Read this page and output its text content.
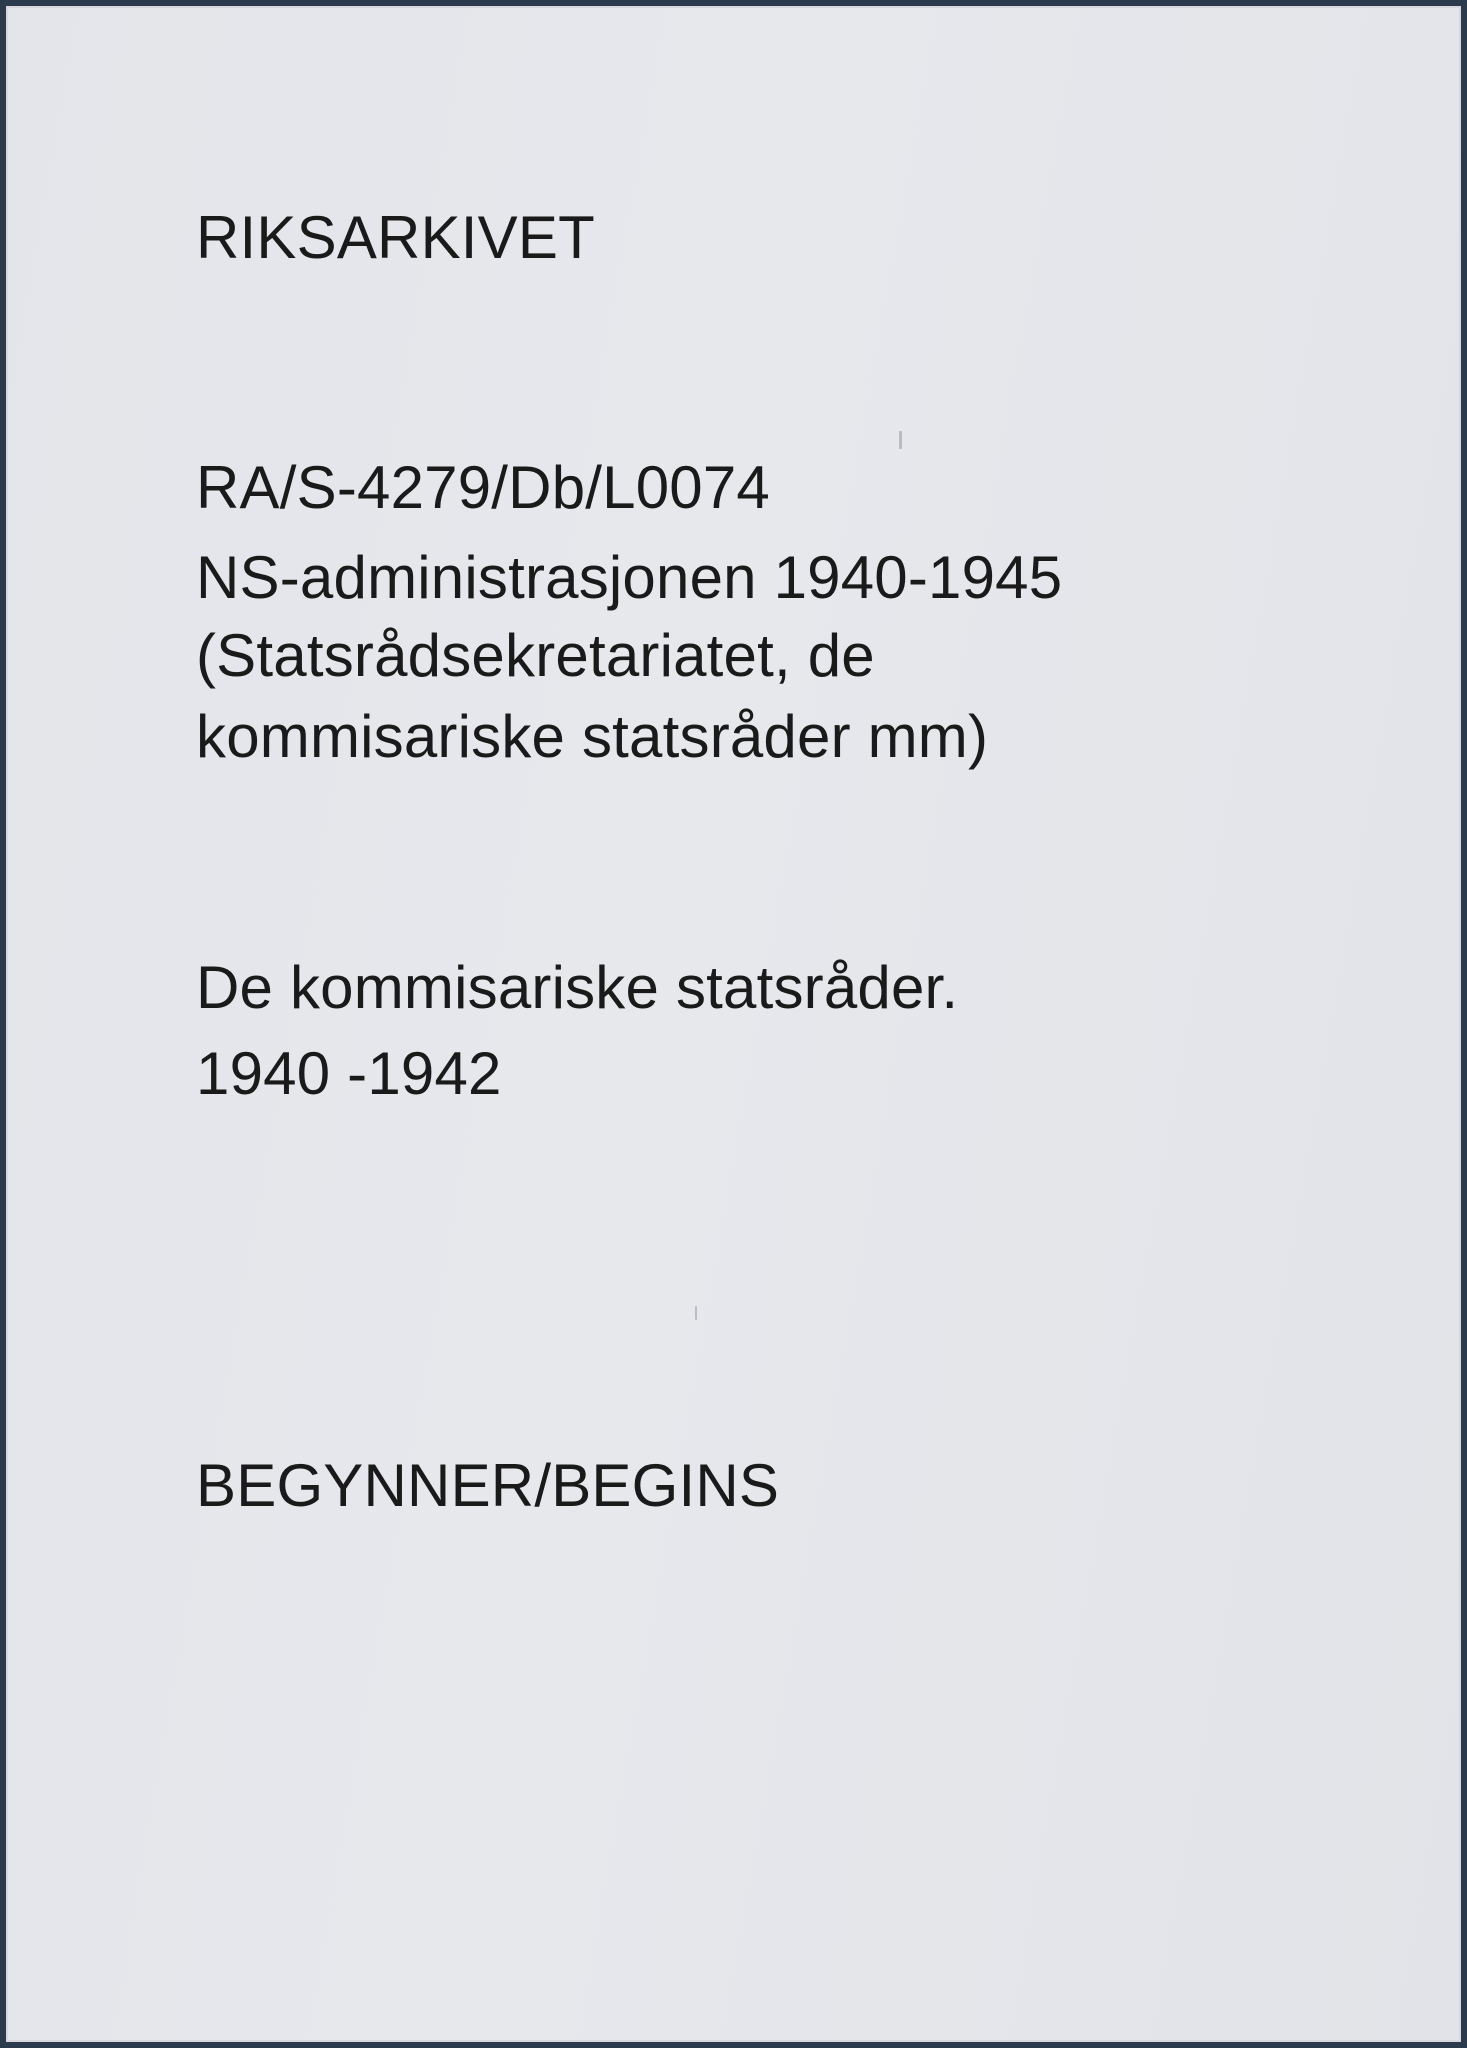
RIKSARKIVET

RA/S-4279/Db/L0074

NS-administrasjonen 1940-1945

(Statsrådsekretariatet, de

kommisariske statsråder mm)

De kommisariske statsråder.

1940 -1942

BEGYNNER/BEGINS
